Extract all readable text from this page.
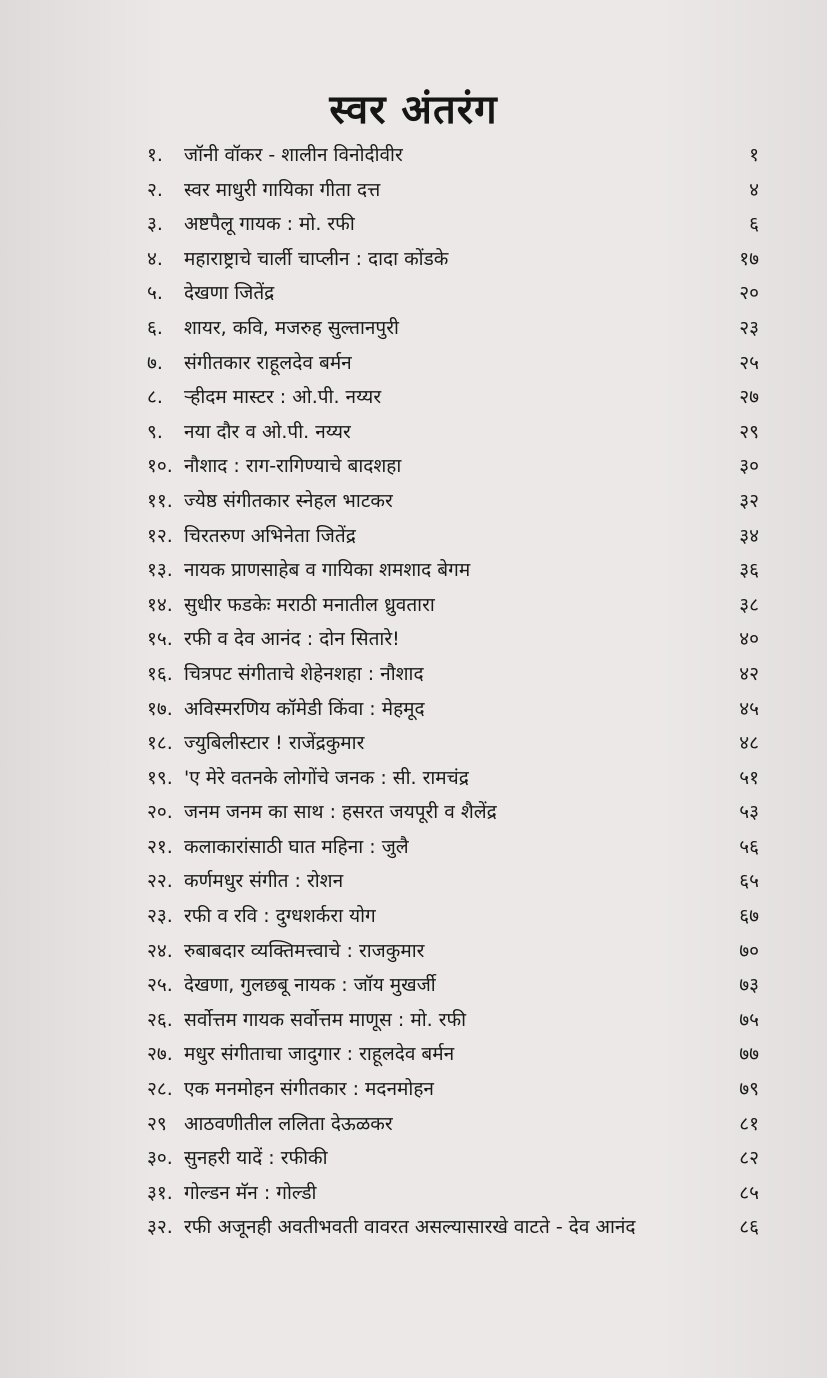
स्वर अंतरंग
१. जॉनी वॉकर - शालीन विनोदीवीर	१
२. स्वर माधुरी गायिका गीता दत्त	४
३. अष्टपैलू गायक : मो. रफी	६
४. महाराष्ट्राचे चार्ली चाप्लीन : दादा कोंडके	१७
५. देखणा जितेंद्र	२०
६. शायर, कवि, मजरुह सुल्तानपुरी	२३
७. संगीतकार राहूलदेव बर्मन	२५
८. ऱ्हीदम मास्टर : ओ.पी. नय्यर	२७
९. नया दौर व ओ.पी. नय्यर	२९
१०. नौशाद : राग-रागिण्याचे बादशहा	३०
११. ज्येष्ठ संगीतकार स्नेहल भाटकर	३२
१२. चिरतरुण अभिनेता जितेंद्र	३४
१३. नायक प्राणसाहेब व गायिका शमशाद बेगम	३६
१४. सुधीर फडकेः मराठी मनातील ध्रुवतारा	३८
१५. रफी व देव आनंद : दोन सितारे!	४०
१६. चित्रपट संगीताचे शेहेनशहा : नौशाद	४२
१७. अविस्मरणिय कॉमेडी किंवा : मेहमूद	४५
१८. ज्युबिलीस्टार ! राजेंद्रकुमार	४८
१९. 'ए मेरे वतनके लोगोंचे जनक : सी. रामचंद्र	५१
२०. जनम जनम का साथ : हसरत जयपूरी व शैलेंद्र	५३
२१. कलाकारांसाठी घात महिना : जुलै	५६
२२. कर्णमधुर संगीत : रोशन	६५
२३. रफी व रवि : दुग्धशर्करा योग	६७
२४. रुबाबदार व्यक्तिमत्त्वाचे : राजकुमार	७०
२५. देखणा, गुलछबू नायक : जॉय मुखर्जी	७३
२६. सर्वोत्तम गायक सर्वोत्तम माणूस : मो. रफी	७५
२७. मधुर संगीताचा जादुगार : राहूलदेव बर्मन	७७
२८. एक मनमोहन संगीतकार : मदनमोहन	७९
२९ आठवणीतील ललिता देऊळकर	८१
३०. सुनहरी यादें : रफीकी	८२
३१. गोल्डन मॅन : गोल्डी	८५
३२. रफी अजूनही अवतीभवती वावरत असल्यासारखे वाटते - देव आनंद	८६
